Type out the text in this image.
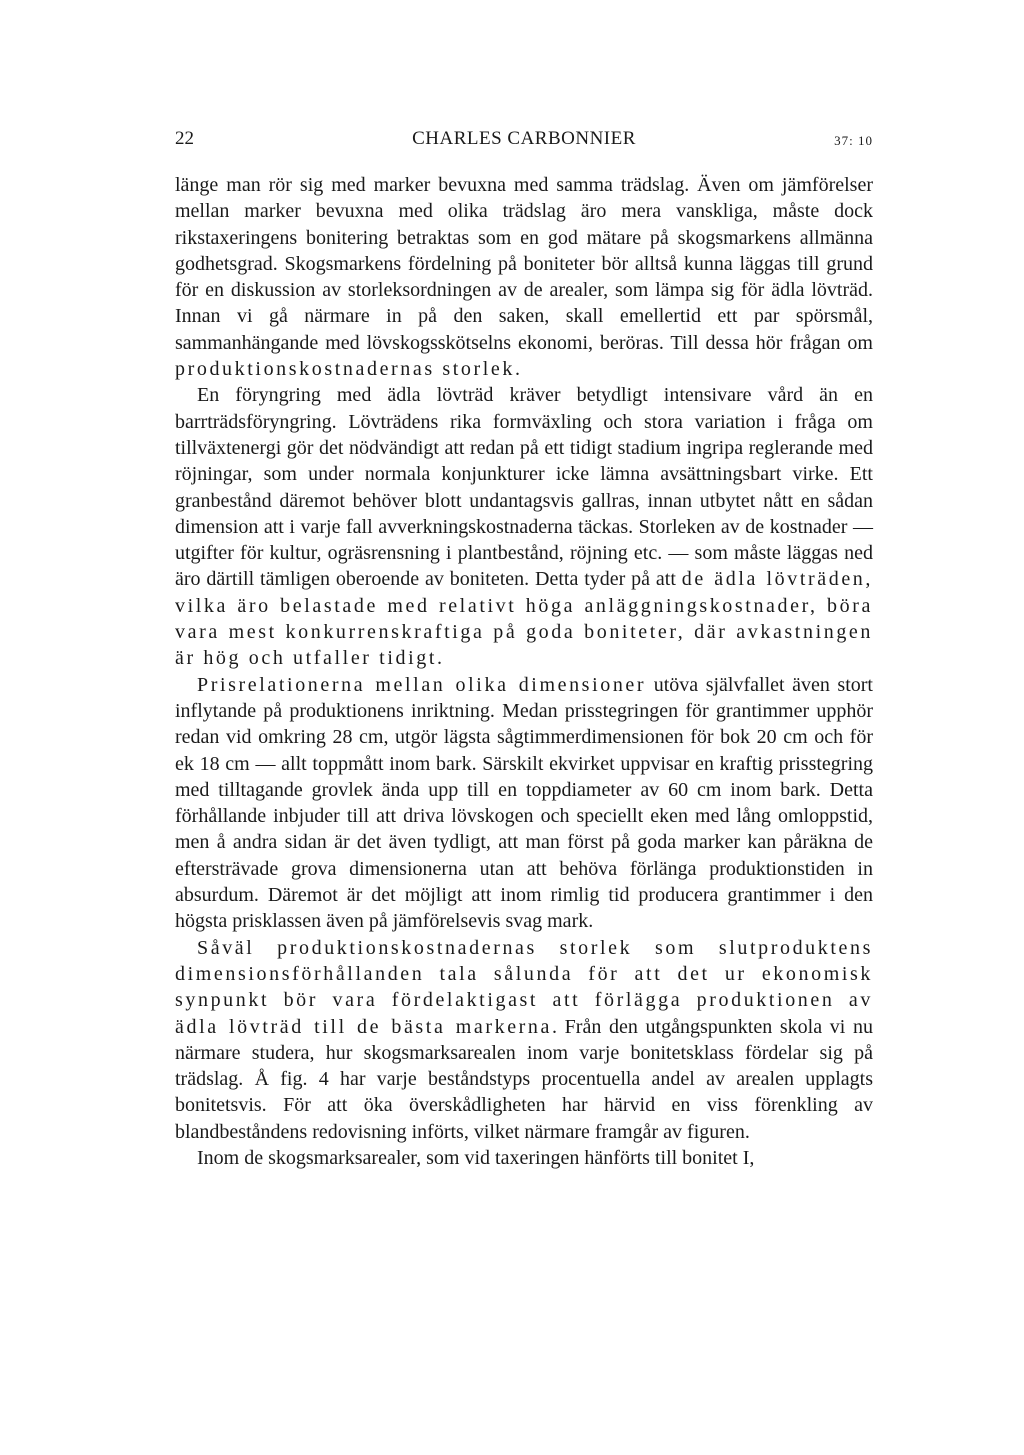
22	CHARLES CARBONNIER	37: 10

länge man rör sig med marker bevuxna med samma trädslag. Även om jämförelser mellan marker bevuxna med olika trädslag äro mera vanskliga, måste dock rikstaxeringens bonitering betraktas som en god mätare på skogsmarkens allmänna godhetsgrad. Skogsmarkens fördelning på boniteter bör alltså kunna läggas till grund för en diskussion av storleksordningen av de arealer, som lämpa sig för ädla lövträd. Innan vi gå närmare in på den saken, skall emellertid ett par spörsmål, sammanhängande med lövskogsskötselns ekonomi, beröras. Till dessa hör frågan om produktionskostnadernas storlek.

En föryngring med ädla lövträd kräver betydligt intensivare vård än en barrträdsföryngring. Lövträdens rika formväxling och stora variation i fråga om tillväxtenergi gör det nödvändigt att redan på ett tidigt stadium ingripa reglerande med röjningar, som under normala konjunkturer icke lämna avsättningsbart virke. Ett granbestånd däremot behöver blott undantagsvis gallras, innan utbytet nått en sådan dimension att i varje fall avverkningskostnaderna täckas. Storleken av de kostnader — utgifter för kultur, ogräsrensning i plantbestånd, röjning etc. — som måste läggas ned äro därtill tämligen oberoende av boniteten. Detta tyder på att de ädla lövträden, vilka äro belastade med relativt höga anläggningskostnader, böra vara mest konkurrenskraftiga på goda boniteter, där avkastningen är hög och utfaller tidigt.

Prisrelationerna mellan olika dimensioner utöva självfallet även stort inflytande på produktionens inriktning. Medan prisstegringen för grantimmer upphör redan vid omkring 28 cm, utgör lägsta sågtimmerdimensionen för bok 20 cm och för ek 18 cm — allt toppmått inom bark. Särskilt ekvirket uppvisar en kraftig prisstegring med tilltagande grovlek ända upp till en toppdiameter av 60 cm inom bark. Detta förhållande inbjuder till att driva lövskogen och speciellt eken med lång omloppstid, men å andra sidan är det även tydligt, att man först på goda marker kan påräkna de eftersträvade grova dimensionerna utan att behöva förlänga produktionstiden in absurdum. Däremot är det möjligt att inom rimlig tid producera grantimmer i den högsta prisklassen även på jämförelsevis svag mark.

Såväl produktionskostnadernas storlek som slutproduktens dimensionsförhållanden tala sålunda för att det ur ekonomisk synpunkt bör vara fördelaktigast att förlägga produktionen av ädla lövträd till de bästa markerna. Från den utgångspunkten skola vi nu närmare studera, hur skogsmarksarealen inom varje bonitetsklass fördelar sig på trädslag. Å fig. 4 har varje beståndstyps procentuella andel av arealen upplagts bonitetsvis. För att öka överskådligheten har härvid en viss förenkling av blandbeståndens redovisning införts, vilket närmare framgår av figuren.

Inom de skogsmarksarealer, som vid taxeringen hänförts till bonitet I,
